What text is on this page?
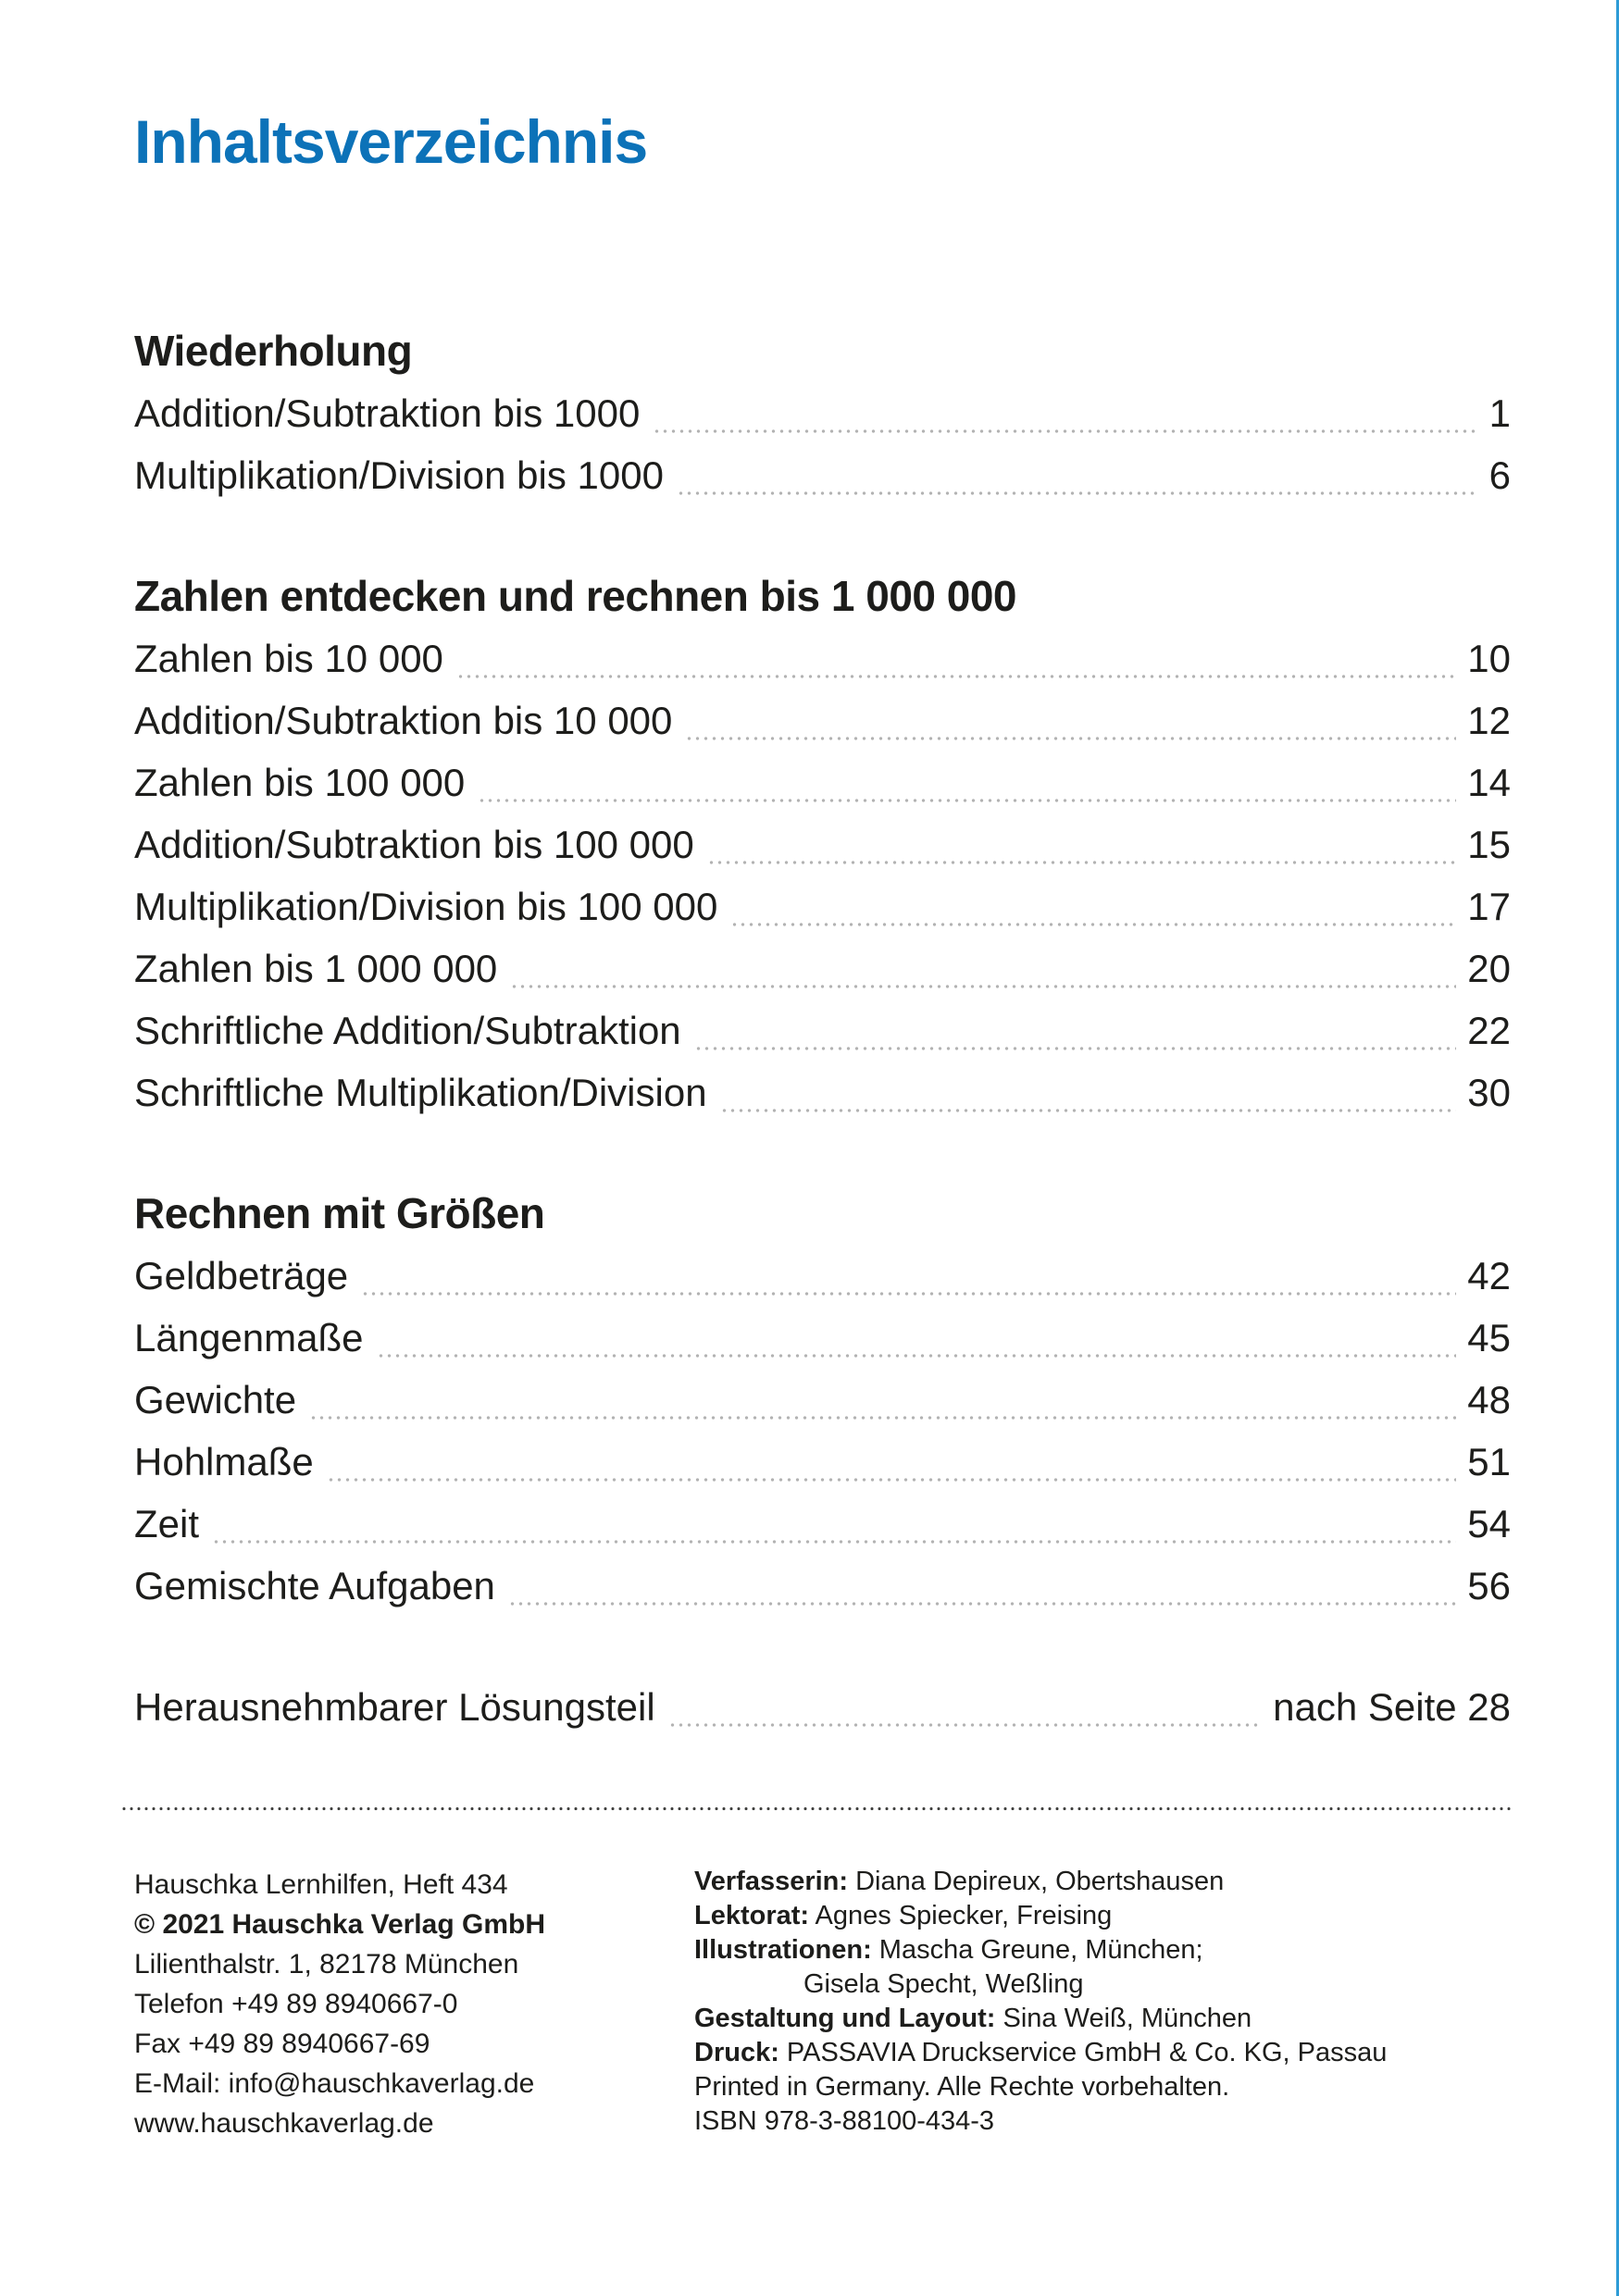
Inhaltsverzeichnis
Wiederholung
Addition/Subtraktion bis 1000	1
Multiplikation/Division bis 1000	6
Zahlen entdecken und rechnen bis 1 000 000
Zahlen bis 10 000	10
Addition/Subtraktion bis 10 000	12
Zahlen bis 100 000	14
Addition/Subtraktion bis 100 000	15
Multiplikation/Division bis 100 000	17
Zahlen bis 1 000 000	20
Schriftliche Addition/Subtraktion	22
Schriftliche Multiplikation/Division	30
Rechnen mit Größen
Geldbeträge	42
Längenmaße	45
Gewichte	48
Hohlmaße	51
Zeit	54
Gemischte Aufgaben	56
Herausnehmbarer Lösungsteil	nach Seite 28

Hauschka Lernhilfen, Heft 434

© 2021 Hauschka Verlag GmbH

Lilienthalstr. 1, 82178 München

Telefon +49 89 8940667-0

Fax +49 89 8940667-69

E-Mail: info@hauschkaverlag.de

www.hauschkaverlag.de

Verfasserin: Diana Depireux, Obertshausen

Lektorat: Agnes Spiecker, Freising

Illustrationen: Mascha Greune, München;

Gisela Specht, Weßling

Gestaltung und Layout: Sina Weiß, München

Druck: PASSAVIA Druckservice GmbH & Co. KG, Passau

Printed in Germany. Alle Rechte vorbehalten.

ISBN 978-3-88100-434-3
